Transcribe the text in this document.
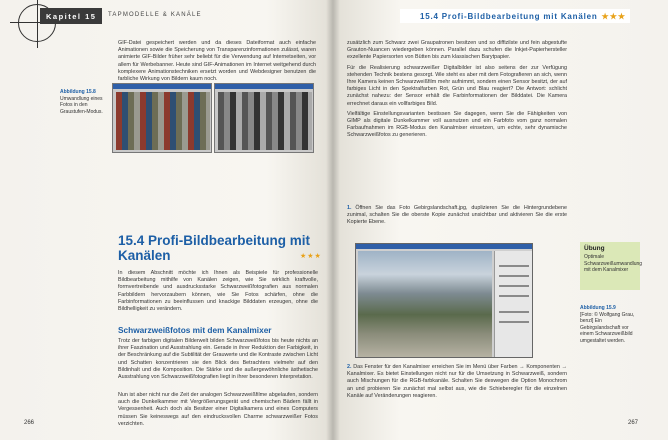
Kapitel 15	TAPMODELLE & KANÄLE
GIF-Datei gespeichert werden und da dieses Dateiformat auch einfache Animationen sowie die Speicherung von Transparenzinformationen zulässt, waren animierte GIF-Bilder früher sehr beliebt für die Verwendung auf Internetseiten, vor allem für Werbebanner. Heute sind GIF-Animationen im Internet weitgehend durch komplexere Animationstechniken ersetzt worden und Webdesigner benutzen die farbliche Wirkung von Bildern kaum noch.
Abbildung 15.8
Umwandlung eines Fotos in den Graustufen-Modus.
15.4 Profi-Bildbearbeitung mit Kanälen	★★★
In diesem Abschnitt möchte ich Ihnen als Beispiele für professionelle Bildbearbeitung mithilfe von Kanälen zeigen, wie Sie wirklich kraftvolle, formvertreibende und ausdrucksstarke Schwarzweißfotografien aus normalen Farbbildern hervorzaubern können, wie Sie Fotos schärfen, ohne die Farbinformationen zu beeinflussen und knackige Bilddaten erzeugen, ohne die Bildhelligkeit zu verändern.
Schwarzweißfotos mit dem Kanalmixer
Trotz der farbigen digitalen Bilderwelt bilden Schwarzweißfotos bis heute nichts an ihrer Faszination und Ausstrahlung ein. Gerade in ihrer Reduktion der Farbigkeit, in der Beschränkung auf die Subtilität der Grauwerte und die Kontraste zwischen Licht und Schatten konzentrieren sie den Blick des Betrachters vielmehr auf den Bildinhalt und die Komposition. Die Stärke und die außergewöhnliche ästhetische Ausstrahlung von Schwarzweißfotografien liegt in ihrer besonderen Interpretation.
Nun ist aber nicht nur die Zeit der analogen Schwarzweißfilme abgelaufen, sondern auch die Dunkelkammer mit Vergrößerungsgerät und chemischen Bädern fällt in Vergessenheit. Auch doch als Besitzer einer Digitalkamera und eines Computers müssen Sie keineswegs auf den eindrucksvollen Charme schwarzweißer Fotos verzichten.
266
15.4 Profi-Bildbearbeitung mit Kanälen ★★★

zusätzlich zum Schwarz zwei Graupatronen besitzen und so diffizilste und fein abgestufte Grauton-Nuancen wiedergeben können. Parallel dazu schufen die Inkjet-Papierhersteller exzellente Papiersorten von Bütten bis zum klassischen Barytpapier.

Für die Realisierung schwarzweißer Digitalbilder ist also seitens der zur Verfügung stehenden Technik bestens gesorgt. Wie steht es aber mit dem Fotografieren an sich, wenn Ihre Kamera keinen Schwarzweißfilm mehr aufnimmt, sondern einen Sensor besitzt, der auf farbiges Licht in den Spektralfarben Rot, Grün und Blau reagiert? Die Antwort: schlicht zunächst nahezu: der Sensor erhält die Farbinformationen der Bilddatei. Die Kamera errechnet daraus ein vollfarbiges Bild.

Vielfältige Einstellungsvarianten bestissen Sie dagegen, wenn Sie die Fähigkeiten von GIMP als digitale Dunkelkammer voll ausnutzen und ein Farbfoto vom ganz normalen Farbaufnahmen im RGB-Modus den Kanalmixer einsetzen, um echte, sehr dynamische Schwarzweißfotos zu generieren.

1. Öffnen Sie das Foto Gebirgslandschaft.jpg, duplizieren Sie die Hintergrundebene zunimal, schalten Sie die oberste Kopie zunächst unsichtbar und aktivieren Sie die erste Kopierte Ebene.
2. Das Fenster für den Kanalmixer erreichen Sie im Menü über Farben → Komponenten → Kanalmixer. Es bietet Einstellungen nicht nur für die Umsetzung in Schwarzweiß, sondern auch Mischungen für die RGB-farbkanäle. Schalten Sie deswegen die Option Monochrom an und probieren Sie zunächst mal selbst aus, wie die Schieberegler für die einzelnen Kanäle auf Veränderungen reagieren.
Übung
Optimale Schwarzweißumwandlung mit dem Kanalmixer
Abbildung 15.9
[Foto: © Wolfgang Grau, benzl] Ein Gebirgslandschaft vor einem Schwarzweißbild umgestaltet werden.
267
